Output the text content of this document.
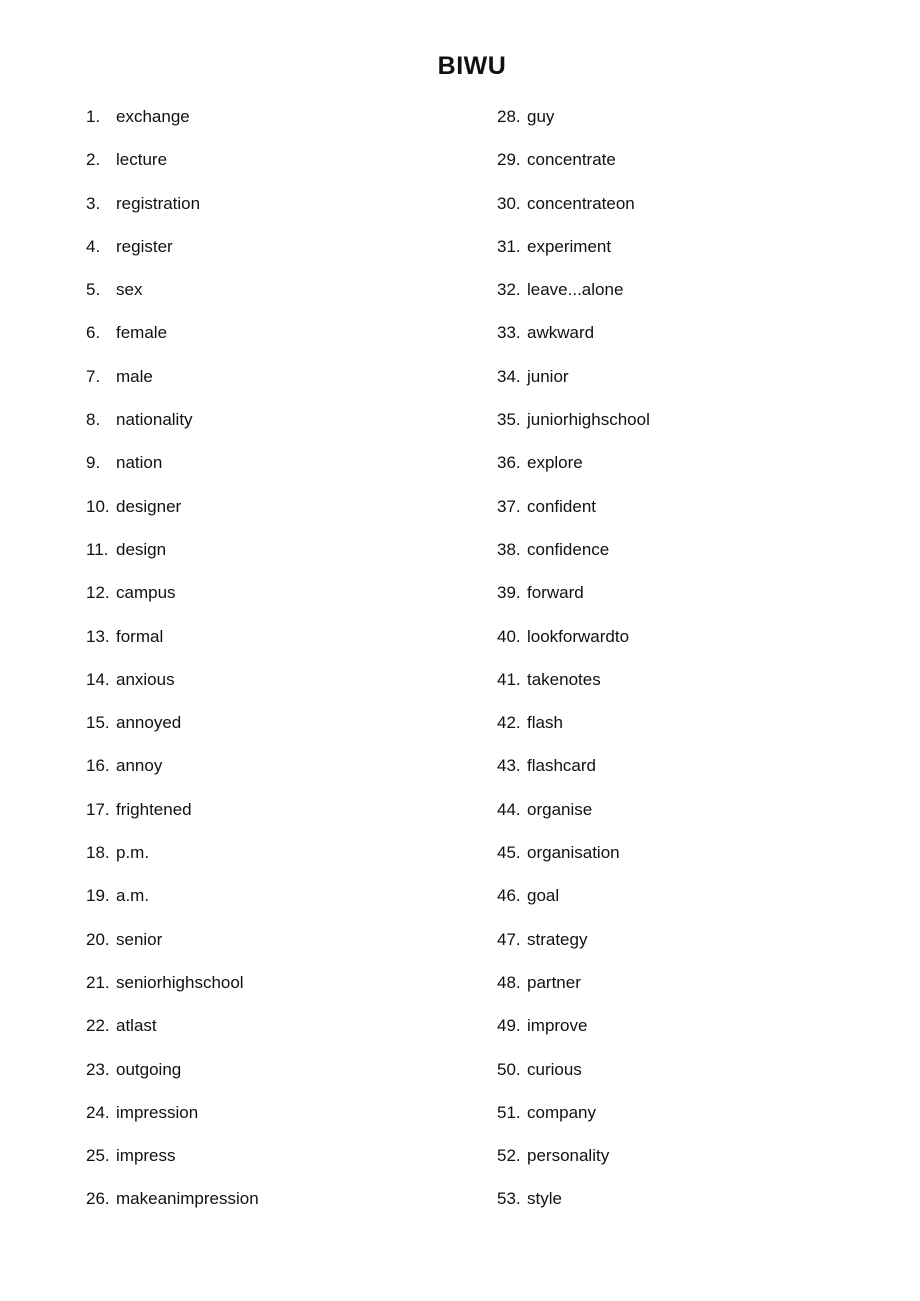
BIWU
1. exchange
2. lecture
3. registration
4. register
5. sex
6. female
7. male
8. nationality
9. nation
10. designer
11. design
12. campus
13. formal
14. anxious
15. annoyed
16. annoy
17. frightened
18. p.m.
19. a.m.
20. senior
21. seniorhighschool
22. atlast
23. outgoing
24. impression
25. impress
26. makeanimpression
28. guy
29. concentrate
30. concentrateon
31. experiment
32. leave...alone
33. awkward
34. junior
35. juniorhighschool
36. explore
37. confident
38. confidence
39. forward
40. lookforwardto
41. takenotes
42. flash
43. flashcard
44. organise
45. organisation
46. goal
47. strategy
48. partner
49. improve
50. curious
51. company
52. personality
53. style
